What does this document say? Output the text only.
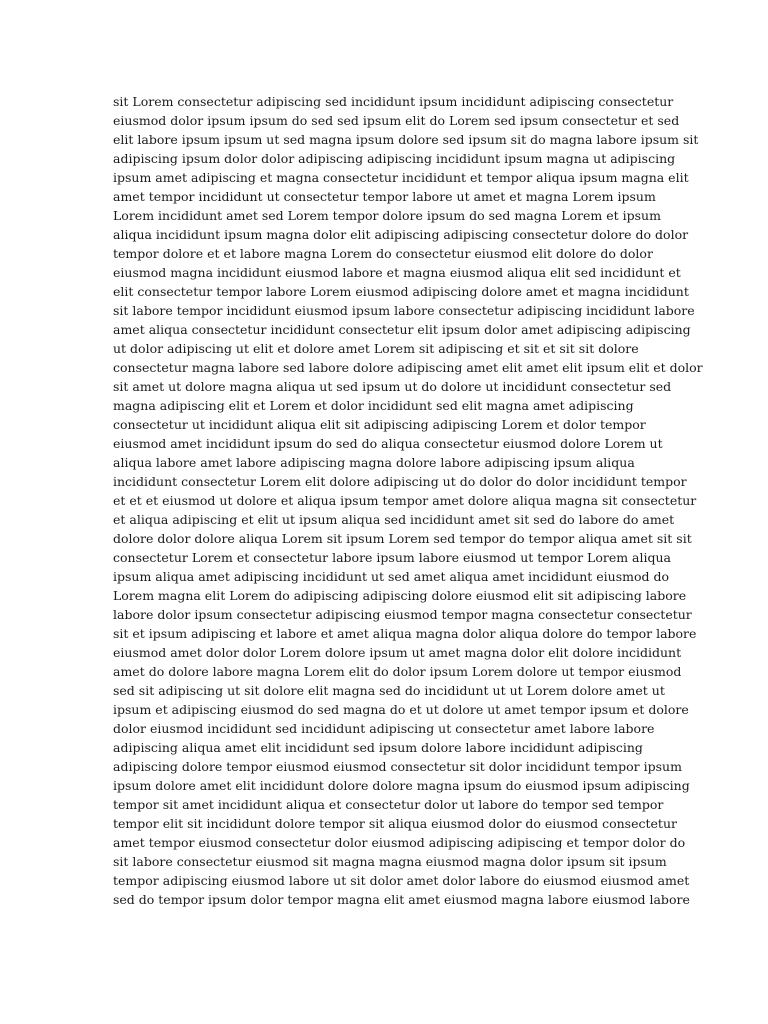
sit Lorem consectetur adipiscing sed incididunt ipsum incididunt adipiscing consectetur
eiusmod dolor ipsum ipsum do sed sed ipsum elit do Lorem sed ipsum consectetur et sed
elit labore ipsum ipsum ut sed magna ipsum dolore sed ipsum sit do magna labore ipsum sit
adipiscing ipsum dolor dolor adipiscing adipiscing incididunt ipsum magna ut adipiscing
ipsum amet adipiscing et magna consectetur incididunt et tempor aliqua ipsum magna elit
amet tempor incididunt ut consectetur tempor labore ut amet et magna Lorem ipsum
Lorem incididunt amet sed Lorem tempor dolore ipsum do sed magna Lorem et ipsum
aliqua incididunt ipsum magna dolor elit adipiscing adipiscing consectetur dolore do dolor
tempor dolore et et labore magna Lorem do consectetur eiusmod elit dolore do dolor
eiusmod magna incididunt eiusmod labore et magna eiusmod aliqua elit sed incididunt et
elit consectetur tempor labore Lorem eiusmod adipiscing dolore amet et magna incididunt
sit labore tempor incididunt eiusmod ipsum labore consectetur adipiscing incididunt labore
amet aliqua consectetur incididunt consectetur elit ipsum dolor amet adipiscing adipiscing
ut dolor adipiscing ut elit et dolore amet Lorem sit adipiscing et sit et sit sit dolore
consectetur magna labore sed labore dolore adipiscing amet elit amet elit ipsum elit et dolor
sit amet ut dolore magna aliqua ut sed ipsum ut do dolore ut incididunt consectetur sed
magna adipiscing elit et Lorem et dolor incididunt sed elit magna amet adipiscing
consectetur ut incididunt aliqua elit sit adipiscing adipiscing Lorem et dolor tempor
eiusmod amet incididunt ipsum do sed do aliqua consectetur eiusmod dolore Lorem ut
aliqua labore amet labore adipiscing magna dolore labore adipiscing ipsum aliqua
incididunt consectetur Lorem elit dolore adipiscing ut do dolor do dolor incididunt tempor
et et et eiusmod ut dolore et aliqua ipsum tempor amet dolore aliqua magna sit consectetur
et aliqua adipiscing et elit ut ipsum aliqua sed incididunt amet sit sed do labore do amet
dolore dolor dolore aliqua Lorem sit ipsum Lorem sed tempor do tempor aliqua amet sit sit
consectetur Lorem et consectetur labore ipsum labore eiusmod ut tempor Lorem aliqua
ipsum aliqua amet adipiscing incididunt ut sed amet aliqua amet incididunt eiusmod do
Lorem magna elit Lorem do adipiscing adipiscing dolore eiusmod elit sit adipiscing labore
labore dolor ipsum consectetur adipiscing eiusmod tempor magna consectetur consectetur
sit et ipsum adipiscing et labore et amet aliqua magna dolor aliqua dolore do tempor labore
eiusmod amet dolor dolor Lorem dolore ipsum ut amet magna dolor elit dolore incididunt
amet do dolore labore magna Lorem elit do dolor ipsum Lorem dolore ut tempor eiusmod
sed sit adipiscing ut sit dolore elit magna sed do incididunt ut ut Lorem dolore amet ut
ipsum et adipiscing eiusmod do sed magna do et ut dolore ut amet tempor ipsum et dolore
dolor eiusmod incididunt sed incididunt adipiscing ut consectetur amet labore labore
adipiscing aliqua amet elit incididunt sed ipsum dolore labore incididunt adipiscing
adipiscing dolore tempor eiusmod eiusmod consectetur sit dolor incididunt tempor ipsum
ipsum dolore amet elit incididunt dolore dolore magna ipsum do eiusmod ipsum adipiscing
tempor sit amet incididunt aliqua et consectetur dolor ut labore do tempor sed tempor
tempor elit sit incididunt dolore tempor sit aliqua eiusmod dolor do eiusmod consectetur
amet tempor eiusmod consectetur dolor eiusmod adipiscing adipiscing et tempor dolor do
sit labore consectetur eiusmod sit magna magna eiusmod magna dolor ipsum sit ipsum
tempor adipiscing eiusmod labore ut sit dolor amet dolor labore do eiusmod eiusmod amet
sed do tempor ipsum dolor tempor magna elit amet eiusmod magna labore eiusmod labore
